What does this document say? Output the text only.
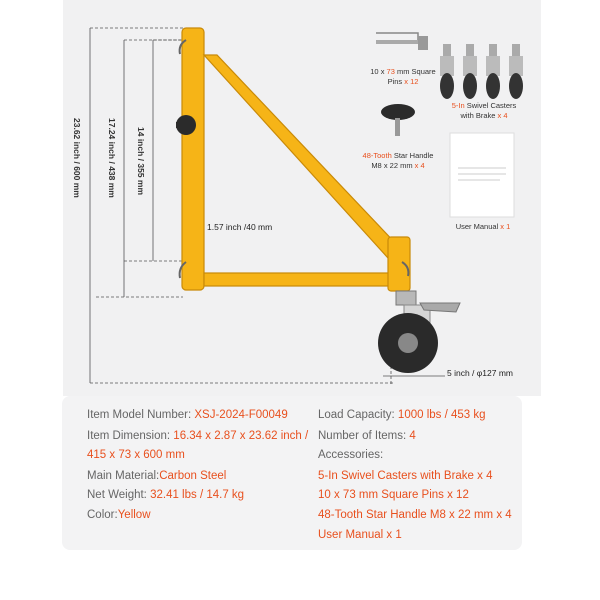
23.62 inch / 600 mm	17.24 inch / 438 mm 14 inch / 355 mm
1.57 inch /40 mm
5 inch / φ127 mm
10 x 73 mm Square
Pins x 12
5-In Swivel Casters
with Brake x 4
48-Tooth Star Handle
M8 x 22 mm x 4
User Manual x 1
Item Model Number: XSJ-2024-F00049
Item Dimension: 16.34 x 2.87 x 23.62 inch /
415 x 73 x 600 mm
Main Material:Carbon Steel
Net Weight: 32.41 lbs / 14.7 kg
Color:Yellow
Load Capacity: 1000 lbs / 453 kg
Number of Items: 4
Accessories:
5-In Swivel Casters with Brake x 4
10 x 73 mm Square Pins x 12
48-Tooth Star Handle M8 x 22 mm x 4
User Manual x 1
